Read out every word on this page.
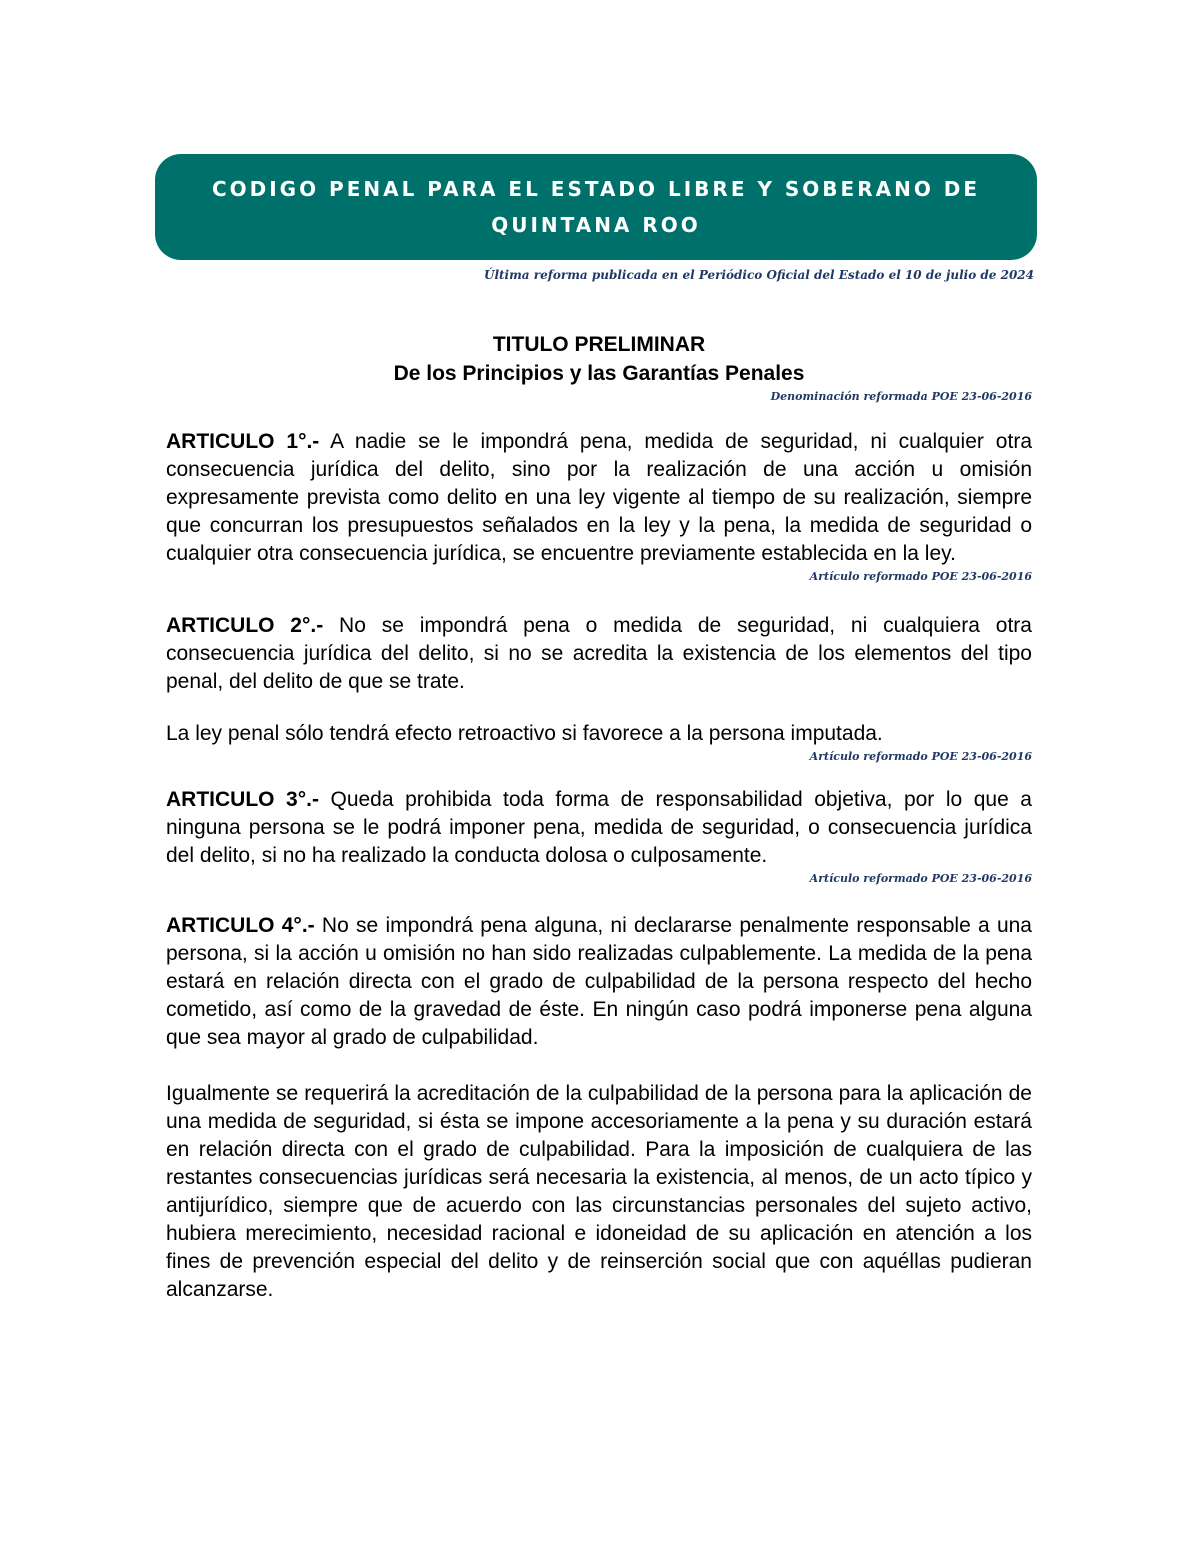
CODIGO PENAL PARA EL ESTADO LIBRE Y SOBERANO DE QUINTANA ROO

Última reforma publicada en el Periódico Oficial del Estado el 10 de julio de 2024

TITULO PRELIMINAR
De los Principios y las Garantías Penales

Denominación reformada POE 23-06-2016

ARTICULO 1°.- A nadie se le impondrá pena, medida de seguridad, ni cualquier otra consecuencia jurídica del delito, sino por la realización de una acción u omisión expresamente prevista como delito en una ley vigente al tiempo de su realización, siempre que concurran los presupuestos señalados en la ley y la pena, la medida de seguridad o cualquier otra consecuencia jurídica, se encuentre previamente establecida en la ley.

Artículo reformado POE 23-06-2016

ARTICULO 2°.- No se impondrá pena o medida de seguridad, ni cualquiera otra consecuencia jurídica del delito, si no se acredita la existencia de los elementos del tipo penal, del delito de que se trate.

La ley penal sólo tendrá efecto retroactivo si favorece a la persona imputada.

Artículo reformado POE 23-06-2016

ARTICULO 3°.- Queda prohibida toda forma de responsabilidad objetiva, por lo que a ninguna persona se le podrá imponer pena, medida de seguridad, o consecuencia jurídica del delito, si no ha realizado la conducta dolosa o culposamente.

Artículo reformado POE 23-06-2016

ARTICULO 4°.- No se impondrá pena alguna, ni declararse penalmente responsable a una persona, si la acción u omisión no han sido realizadas culpablemente. La medida de la pena estará en relación directa con el grado de culpabilidad de la persona respecto del hecho cometido, así como de la gravedad de éste. En ningún caso podrá imponerse pena alguna que sea mayor al grado de culpabilidad.

Igualmente se requerirá la acreditación de la culpabilidad de la persona para la aplicación de una medida de seguridad, si ésta se impone accesoriamente a la pena y su duración estará en relación directa con el grado de culpabilidad. Para la imposición de cualquiera de las restantes consecuencias jurídicas será necesaria la existencia, al menos, de un acto típico y antijurídico, siempre que de acuerdo con las circunstancias personales del sujeto activo, hubiera merecimiento, necesidad racional e idoneidad de su aplicación en atención a los fines de prevención especial del delito y de reinserción social que con aquéllas pudieran alcanzarse.
